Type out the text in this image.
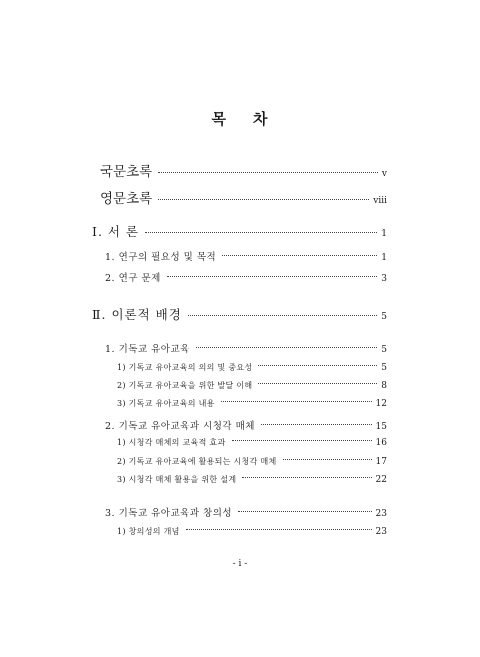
목 차
국문초록	ⅴ
영문초록	ⅷ
Ⅰ. 서 론	1
1. 연구의 필요성 및 목적	1
2. 연구 문제	3
Ⅱ. 이론적 배경	5
1. 기독교 유아교육	5
1) 기독교 유아교육의 의의 및 중요성	5
2) 기독교 유아교육을 위한 발달 이해	8
3) 기독교 유아교육의 내용	12
2. 기독교 유아교육과 시청각 매체	15
1) 시청각 매체의 교육적 효과	16
2) 기독교 유아교육에 활용되는 시청각 매체	17
3) 시청각 매체 활용을 위한 설계	22
3. 기독교 유아교육과 창의성	23
1) 창의성의 개념	23
- ⅰ -
